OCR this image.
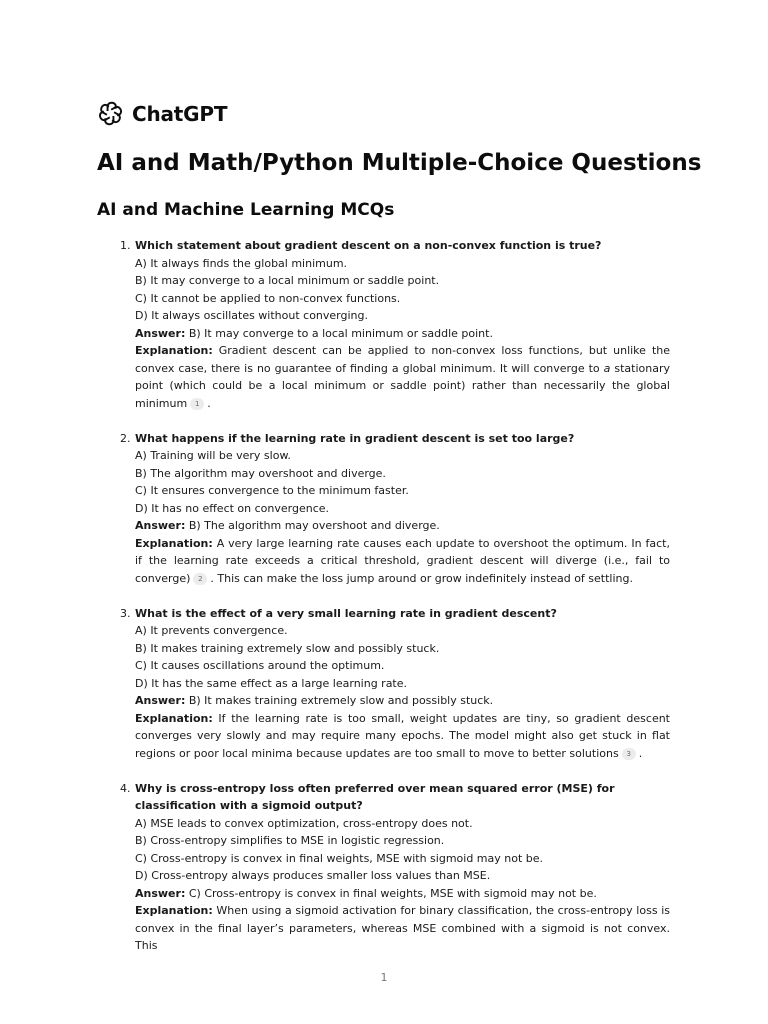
ChatGPT
AI and Math/Python Multiple-Choice Questions
AI and Machine Learning MCQs
1. Which statement about gradient descent on a non-convex function is true?
A) It always finds the global minimum.
B) It may converge to a local minimum or saddle point.
C) It cannot be applied to non-convex functions.
D) It always oscillates without converging.
Answer: B) It may converge to a local minimum or saddle point.
Explanation: Gradient descent can be applied to non-convex loss functions, but unlike the convex case, there is no guarantee of finding a global minimum. It will converge to a stationary point (which could be a local minimum or saddle point) rather than necessarily the global minimum 1 .
2. What happens if the learning rate in gradient descent is set too large?
A) Training will be very slow.
B) The algorithm may overshoot and diverge.
C) It ensures convergence to the minimum faster.
D) It has no effect on convergence.
Answer: B) The algorithm may overshoot and diverge.
Explanation: A very large learning rate causes each update to overshoot the optimum. In fact, if the learning rate exceeds a critical threshold, gradient descent will diverge (i.e., fail to converge) 2 . This can make the loss jump around or grow indefinitely instead of settling.
3. What is the effect of a very small learning rate in gradient descent?
A) It prevents convergence.
B) It makes training extremely slow and possibly stuck.
C) It causes oscillations around the optimum.
D) It has the same effect as a large learning rate.
Answer: B) It makes training extremely slow and possibly stuck.
Explanation: If the learning rate is too small, weight updates are tiny, so gradient descent converges very slowly and may require many epochs. The model might also get stuck in flat regions or poor local minima because updates are too small to move to better solutions 3 .
4. Why is cross-entropy loss often preferred over mean squared error (MSE) for classification with a sigmoid output?
A) MSE leads to convex optimization, cross-entropy does not.
B) Cross-entropy simplifies to MSE in logistic regression.
C) Cross-entropy is convex in final weights, MSE with sigmoid may not be.
D) Cross-entropy always produces smaller loss values than MSE.
Answer: C) Cross-entropy is convex in final weights, MSE with sigmoid may not be.
Explanation: When using a sigmoid activation for binary classification, the cross-entropy loss is convex in the final layer’s parameters, whereas MSE combined with a sigmoid is not convex. This
1
